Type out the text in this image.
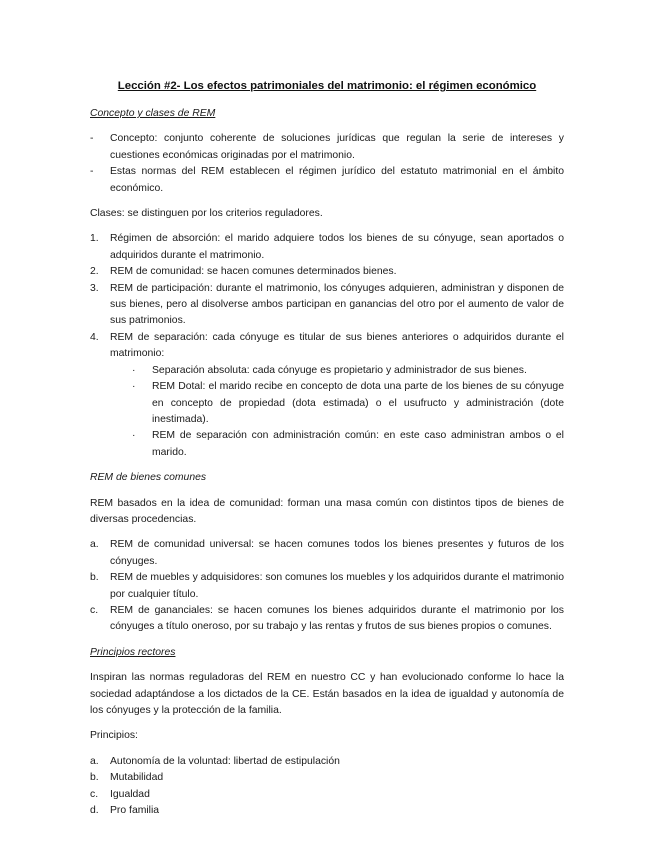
Lección #2- Los efectos patrimoniales del matrimonio: el régimen económico
Concepto y clases de REM
- Concepto: conjunto coherente de soluciones jurídicas que regulan la serie de intereses y cuestiones económicas originadas por el matrimonio.
- Estas normas del REM establecen el régimen jurídico del estatuto matrimonial en el ámbito económico.

Clases: se distinguen por los criterios reguladores.

1. Régimen de absorción: el marido adquiere todos los bienes de su cónyuge, sean aportados o adquiridos durante el matrimonio.
2. REM de comunidad: se hacen comunes determinados bienes.
3. REM de participación: durante el matrimonio, los cónyuges adquieren, administran y disponen de sus bienes, pero al disolverse ambos participan en ganancias del otro por el aumento de valor de sus patrimonios.
4. REM de separación: cada cónyuge es titular de sus bienes anteriores o adquiridos durante el matrimonio:
· Separación absoluta: cada cónyuge es propietario y administrador de sus bienes.
· REM Dotal: el marido recibe en concepto de dota una parte de los bienes de su cónyuge en concepto de propiedad (dota estimada) o el usufructo y administración (dote inestimada).
· REM de separación con administración común: en este caso administran ambos o el marido.
REM de bienes comunes

REM basados en la idea de comunidad: forman una masa común con distintos tipos de bienes de diversas procedencias.

a. REM de comunidad universal: se hacen comunes todos los bienes presentes y futuros de los cónyuges.
b. REM de muebles y adquisidores: son comunes los muebles y los adquiridos durante el matrimonio por cualquier título.
c. REM de gananciales: se hacen comunes los bienes adquiridos durante el matrimonio por los cónyuges a título oneroso, por su trabajo y las rentas y frutos de sus bienes propios o comunes.
Principios rectores

Inspiran las normas reguladoras del REM en nuestro CC y han evolucionado conforme lo hace la sociedad adaptándose a los dictados de la CE. Están basados en la idea de igualdad y autonomía de los cónyuges y la protección de la familia.

Principios:

a. Autonomía de la voluntad: libertad de estipulación
b. Mutabilidad
c. Igualdad
d. Pro familia
